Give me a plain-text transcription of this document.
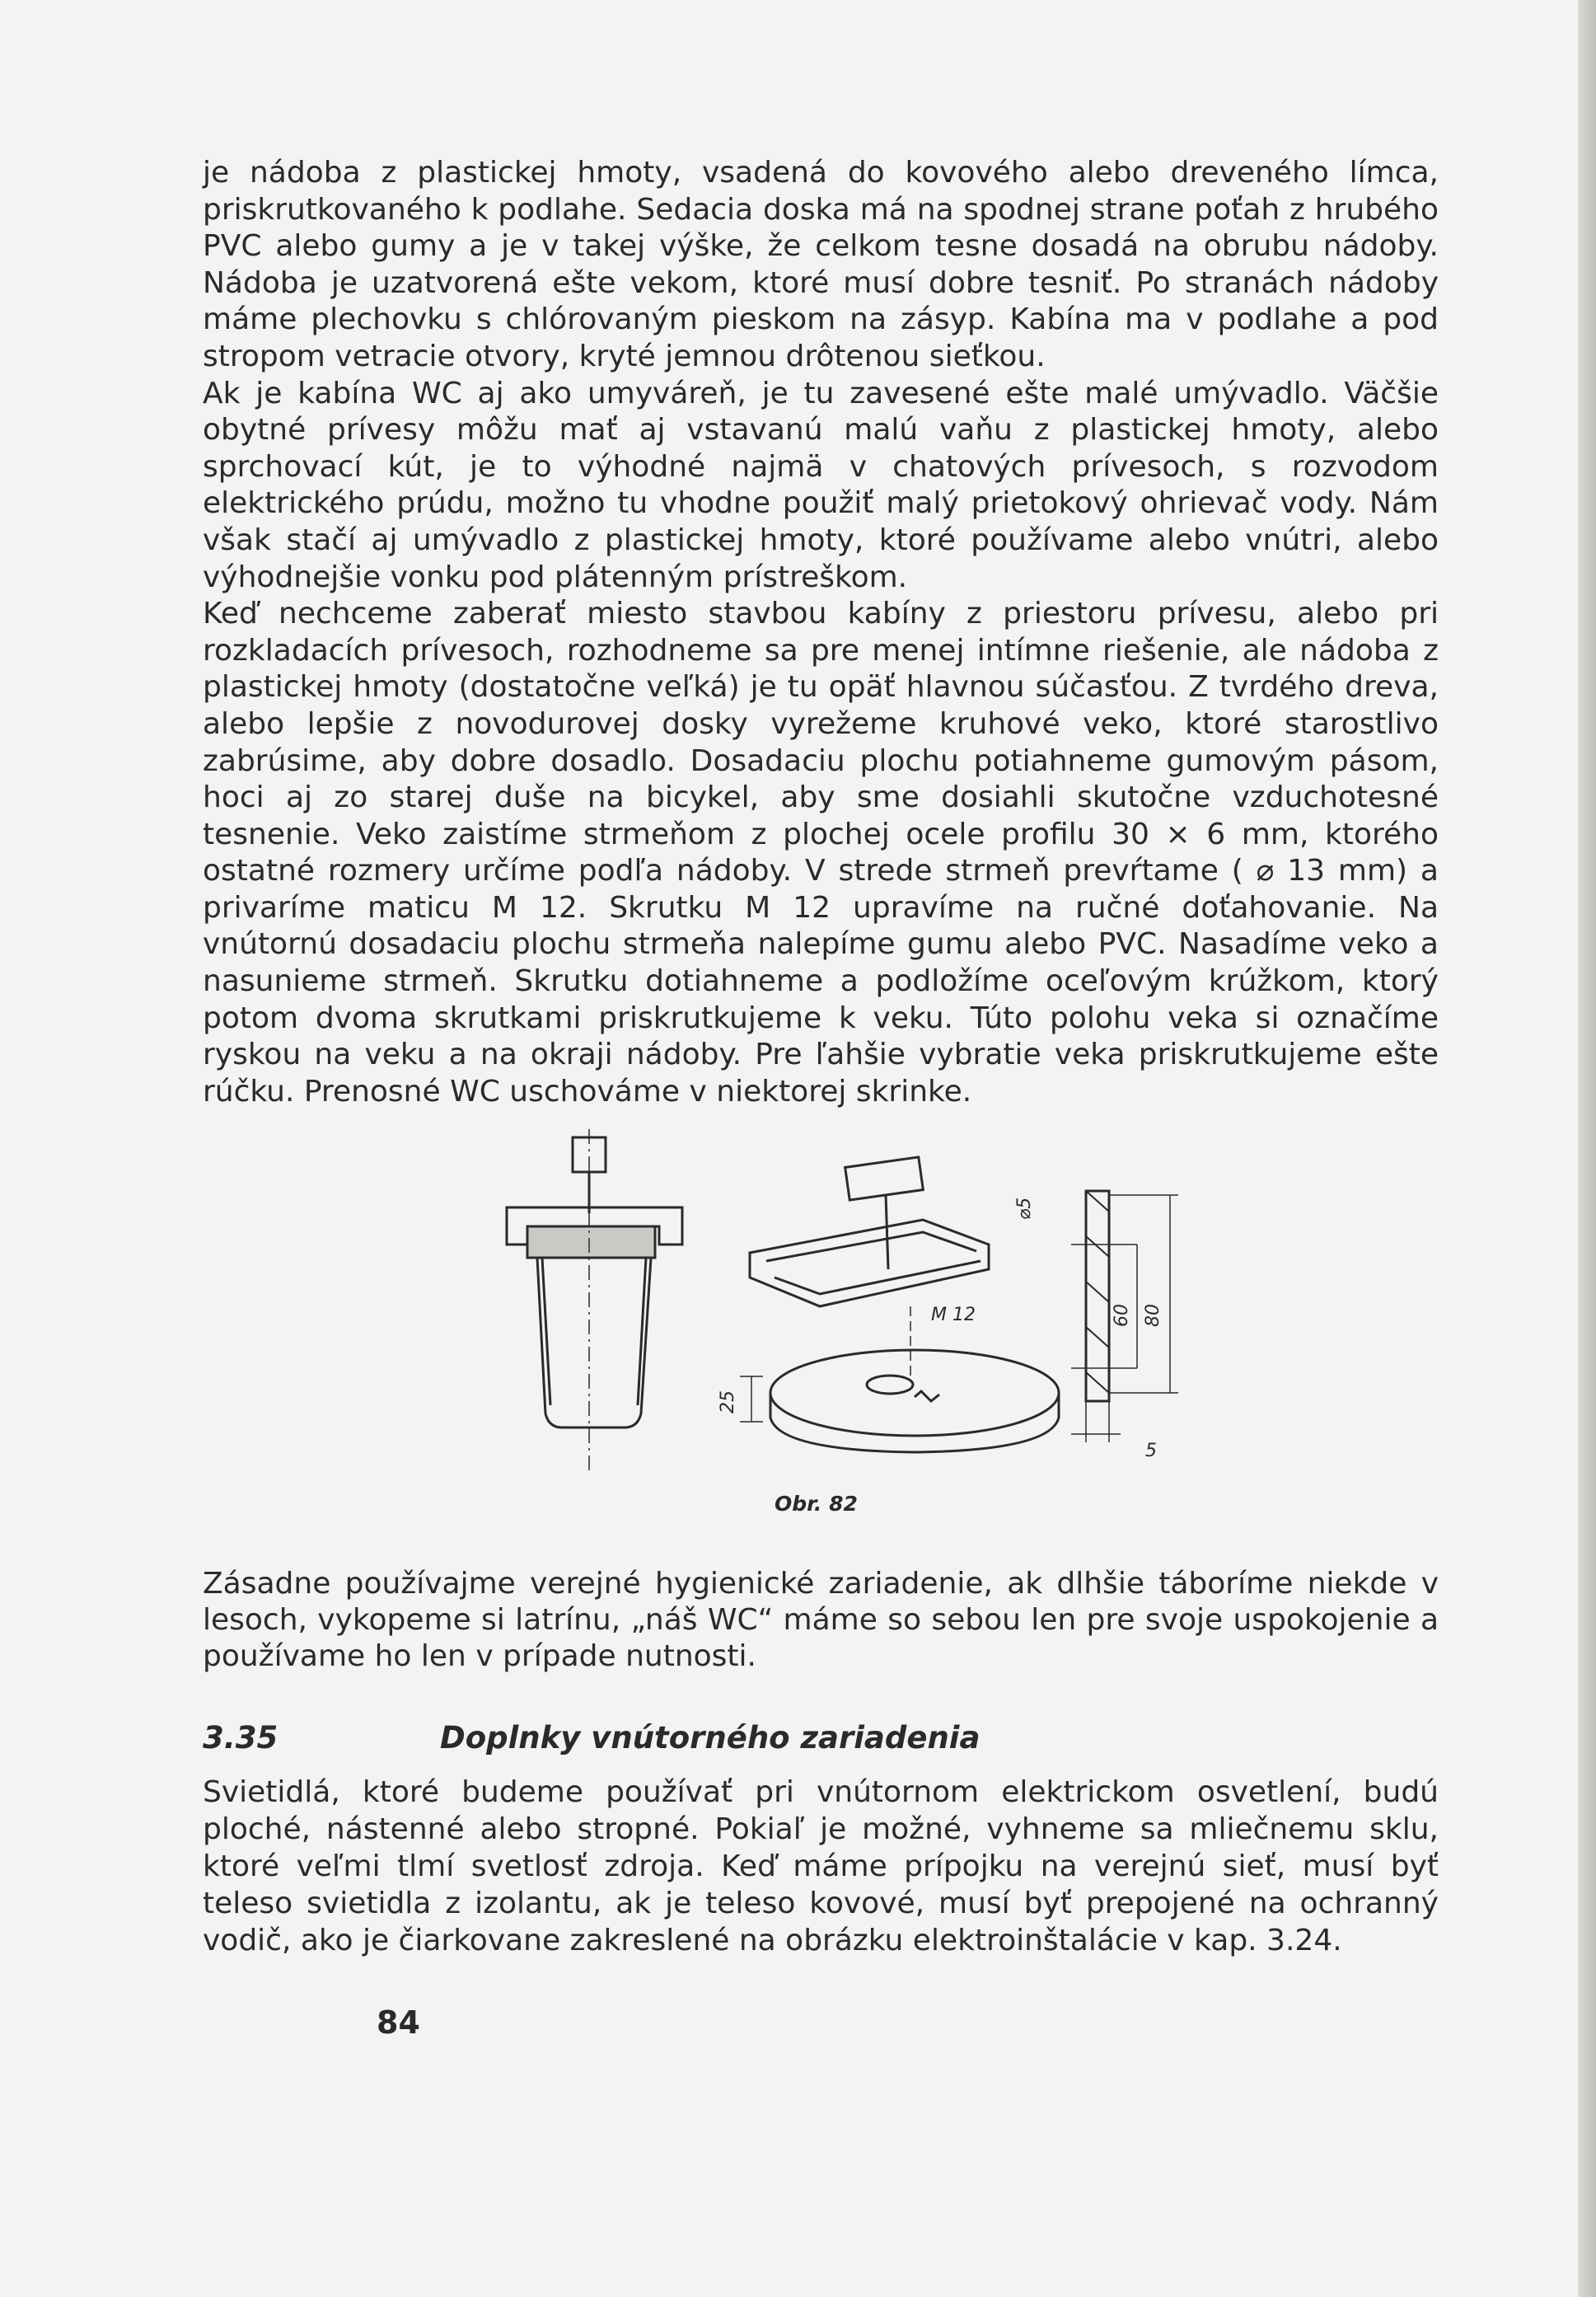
je nádoba z plastickej hmoty, vsadená do kovového alebo dreveného límca, priskrutkovaného k podlahe. Sedacia doska má na spodnej strane poťah z hrubého PVC alebo gumy a je v takej výške, že celkom tesne dosadá na obrubu nádoby. Nádoba je uzatvorená ešte vekom, ktoré musí dobre tesniť. Po stranách nádoby máme plechovku s chlórovaným pieskom na zásyp. Kabína ma v podlahe a pod stropom vetracie otvory, kryté jemnou drôtenou sieťkou.

Ak je kabína WC aj ako umyváreň, je tu zavesené ešte malé umývadlo. Väčšie obytné prívesy môžu mať aj vstavanú malú vaňu z plastickej hmoty, alebo sprchovací kút, je to výhodné najmä v chatových prívesoch, s rozvodom elektrického prúdu, možno tu vhodne použiť malý prietokový ohrievač vody. Nám však stačí aj umývadlo z plastickej hmoty, ktoré používame alebo vnútri, alebo výhodnejšie vonku pod plátenným prístreškom.

Keď nechceme zaberať miesto stavbou kabíny z priestoru prívesu, alebo pri rozkladacích prívesoch, rozhodneme sa pre menej intímne riešenie, ale nádoba z plastickej hmoty (dostatočne veľká) je tu opäť hlavnou súčasťou. Z tvrdého dreva, alebo lepšie z novodurovej dosky vyrežeme kruhové veko, ktoré starostlivo zabrúsime, aby dobre dosadlo. Dosadaciu plochu potiahneme gumovým pásom, hoci aj zo starej duše na bicykel, aby sme dosiahli skutočne vzduchotesné tesnenie. Veko zaistíme strmeňom z plochej ocele profilu 30 × 6 mm, ktorého ostatné rozmery určíme podľa nádoby. V strede strmeň prevŕtame ( ⌀ 13 mm) a privaríme maticu M 12. Skrutku M 12 upravíme na ručné doťahovanie. Na vnútornú dosadaciu plochu strmeňa nalepíme gumu alebo PVC. Nasadíme veko a nasunieme strmeň. Skrutku dotiahneme a podložíme oceľovým krúžkom, ktorý potom dvoma skrutkami priskrutkujeme k veku. Túto polohu veka si označíme ryskou na veku a na okraji nádoby. Pre ľahšie vybratie veka priskrutkujeme ešte rúčku. Prenosné WC uschováme v niektorej skrinke.

⌀5
M 12	60 80
25
5
Obr. 82

Zásadne používajme verejné hygienické zariadenie, ak dlhšie táboríme niekde v lesoch, vykopeme si latrínu, „náš WC“ máme so sebou len pre svoje uspokojenie a používame ho len v prípade nutnosti.

3.35	Doplnky vnútorného zariadenia

Svietidlá, ktoré budeme používať pri vnútornom elektrickom osvetlení, budú ploché, nástenné alebo stropné. Pokiaľ je možné, vyhneme sa mliečnemu sklu, ktoré veľmi tlmí svetlosť zdroja. Keď máme prípojku na verejnú sieť, musí byť teleso svietidla z izolantu, ak je teleso kovové, musí byť prepojené na ochranný vodič, ako je čiarkovane zakreslené na obrázku elektroinštalácie v kap. 3.24.

84
